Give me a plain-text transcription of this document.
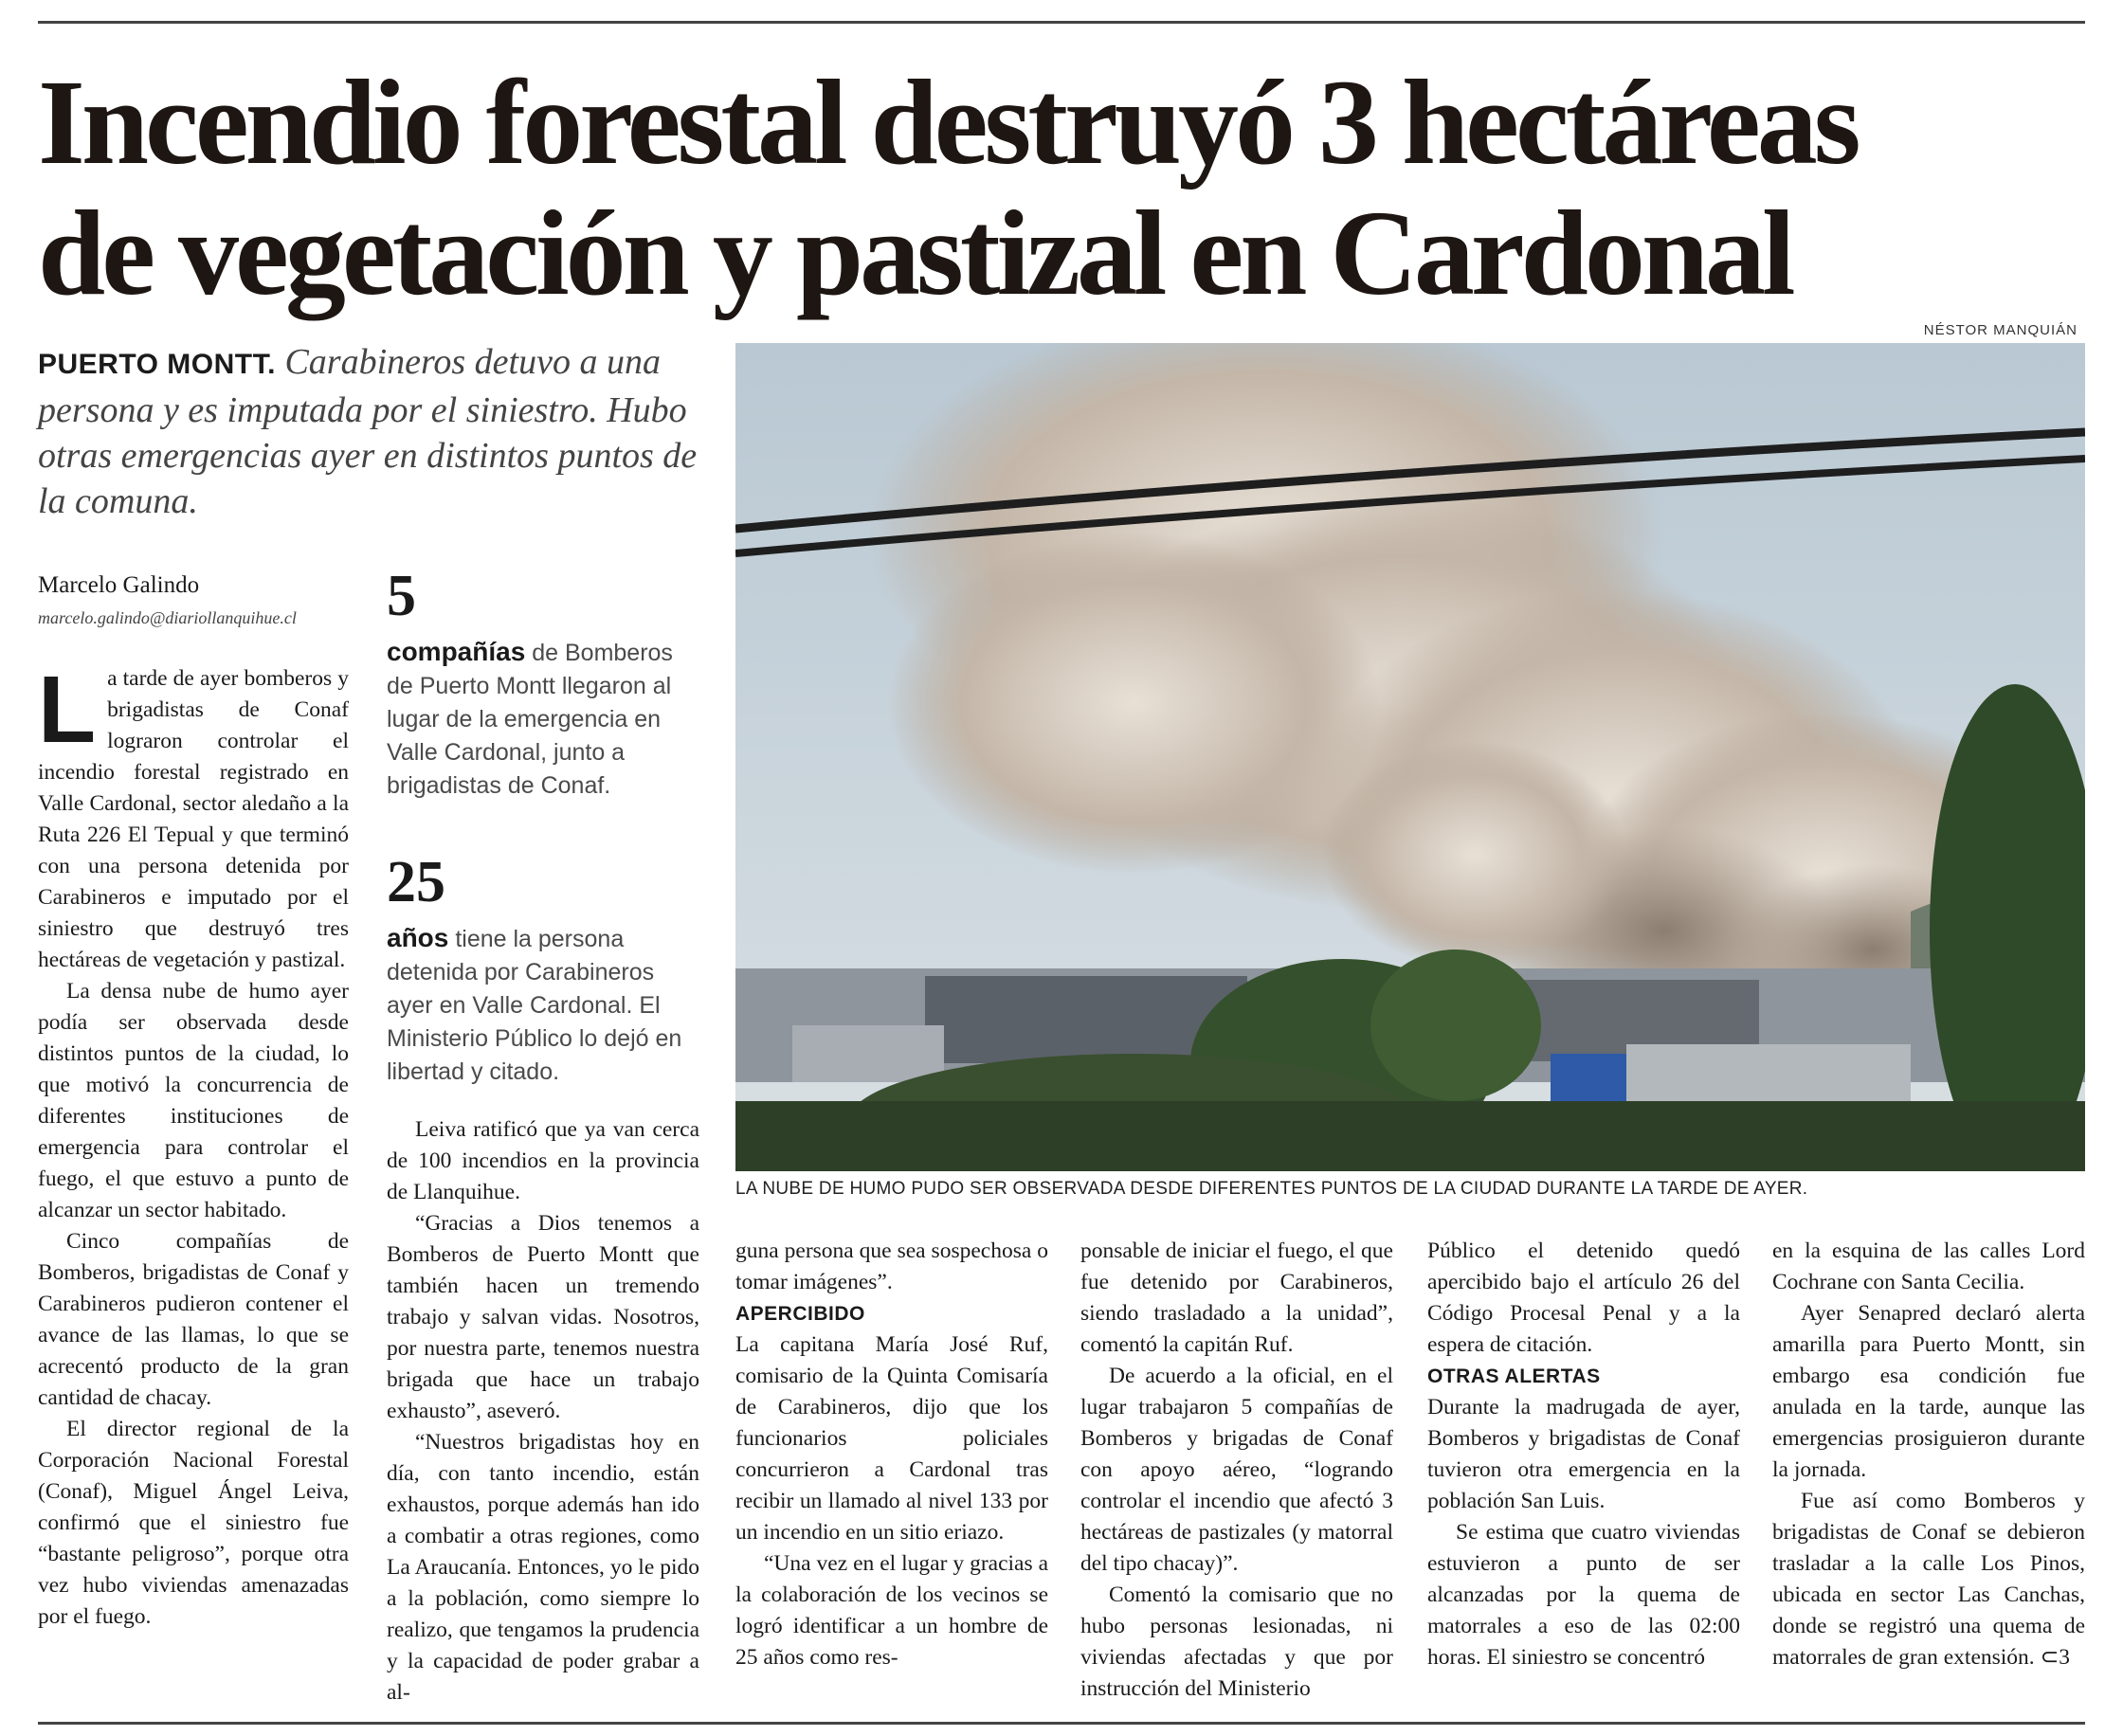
Incendio forestal destruyó 3 hectáreas
de vegetación y pastizal en Cardonal
NÉSTOR MANQUIÁN
PUERTO MONTT. Carabineros detuvo a una persona y es imputada por el siniestro. Hubo otras emergencias ayer en distintos puntos de la comuna.
Marcelo Galindo
marcelo.galindo@diariollanquihue.cl	5
compañías de Bomberos de Puerto Montt llegaron al lugar de la emergencia en Valle Cardonal, junto a brigadistas de Conaf.
25
años tiene la persona detenida por Carabineros ayer en Valle Cardonal. El Ministerio Público lo dejó en libertad y citado.
LA NUBE DE HUMO PUDO SER OBSERVADA DESDE DIFERENTES PUNTOS DE LA CIUDAD DURANTE LA TARDE DE AYER.

La tarde de ayer bomberos y brigadistas de Conaf lograron controlar el incendio forestal registrado en Valle Cardonal, sector aledaño a la Ruta 226 El Tepual y que terminó con una persona detenida por Carabineros e imputado por el siniestro que destruyó tres hectáreas de vegetación y pastizal.

La densa nube de humo ayer podía ser observada desde distintos puntos de la ciudad, lo que motivó la concurrencia de diferentes instituciones de emergencia para controlar el fuego, el que estuvo a punto de alcanzar un sector habitado.

Cinco compañías de Bomberos, brigadistas de Conaf y Carabineros pudieron contener el avance de las llamas, lo que se acrecentó producto de la gran cantidad de chacay.

El director regional de la Corporación Nacional Forestal (Conaf), Miguel Ángel Leiva, confirmó que el siniestro fue “bastante peligroso”, porque otra vez hubo viviendas amenazadas por el fuego.

Leiva ratificó que ya van cerca de 100 incendios en la provincia de Llanquihue.

“Gracias a Dios tenemos a Bomberos de Puerto Montt que también hacen un tremendo trabajo y salvan vidas. Nosotros, por nuestra parte, tenemos nuestra brigada que hace un trabajo exhausto”, aseveró.

“Nuestros brigadistas hoy en día, con tanto incendio, están exhaustos, porque además han ido a combatir a otras regiones, como La Araucanía. Entonces, yo le pido a la población, como siempre lo realizo, que tengamos la prudencia y la capacidad de poder grabar a al-

guna persona que sea sospechosa o tomar imágenes”.

APERCIBIDO

La capitana María José Ruf, comisario de la Quinta Comisaría de Carabineros, dijo que los funcionarios policiales concurrieron a Cardonal tras recibir un llamado al nivel 133 por un incendio en un sitio eriazo.

“Una vez en el lugar y gracias a la colaboración de los vecinos se logró identificar a un hombre de 25 años como res-

ponsable de iniciar el fuego, el que fue detenido por Carabineros, siendo trasladado a la unidad”, comentó la capitán Ruf.

De acuerdo a la oficial, en el lugar trabajaron 5 compañías de Bomberos y brigadas de Conaf con apoyo aéreo, “logrando controlar el incendio que afectó 3 hectáreas de pastizales (y matorral del tipo chacay)”.

Comentó la comisario que no hubo personas lesionadas, ni viviendas afectadas y que por instrucción del Ministerio

Público el detenido quedó apercibido bajo el artículo 26 del Código Procesal Penal y a la espera de citación.

OTRAS ALERTAS

Durante la madrugada de ayer, Bomberos y brigadistas de Conaf tuvieron otra emergencia en la población San Luis.

Se estima que cuatro viviendas estuvieron a punto de ser alcanzadas por la quema de matorrales a eso de las 02:00 horas. El siniestro se concentró

en la esquina de las calles Lord Cochrane con Santa Cecilia.

Ayer Senapred declaró alerta amarilla para Puerto Montt, sin embargo esa condición fue anulada en la tarde, aunque las emergencias prosiguieron durante la jornada.

Fue así como Bomberos y brigadistas de Conaf se debieron trasladar a la calle Los Pinos, ubicada en sector Las Canchas, donde se registró una quema de matorrales de gran extensión. ⊂3
